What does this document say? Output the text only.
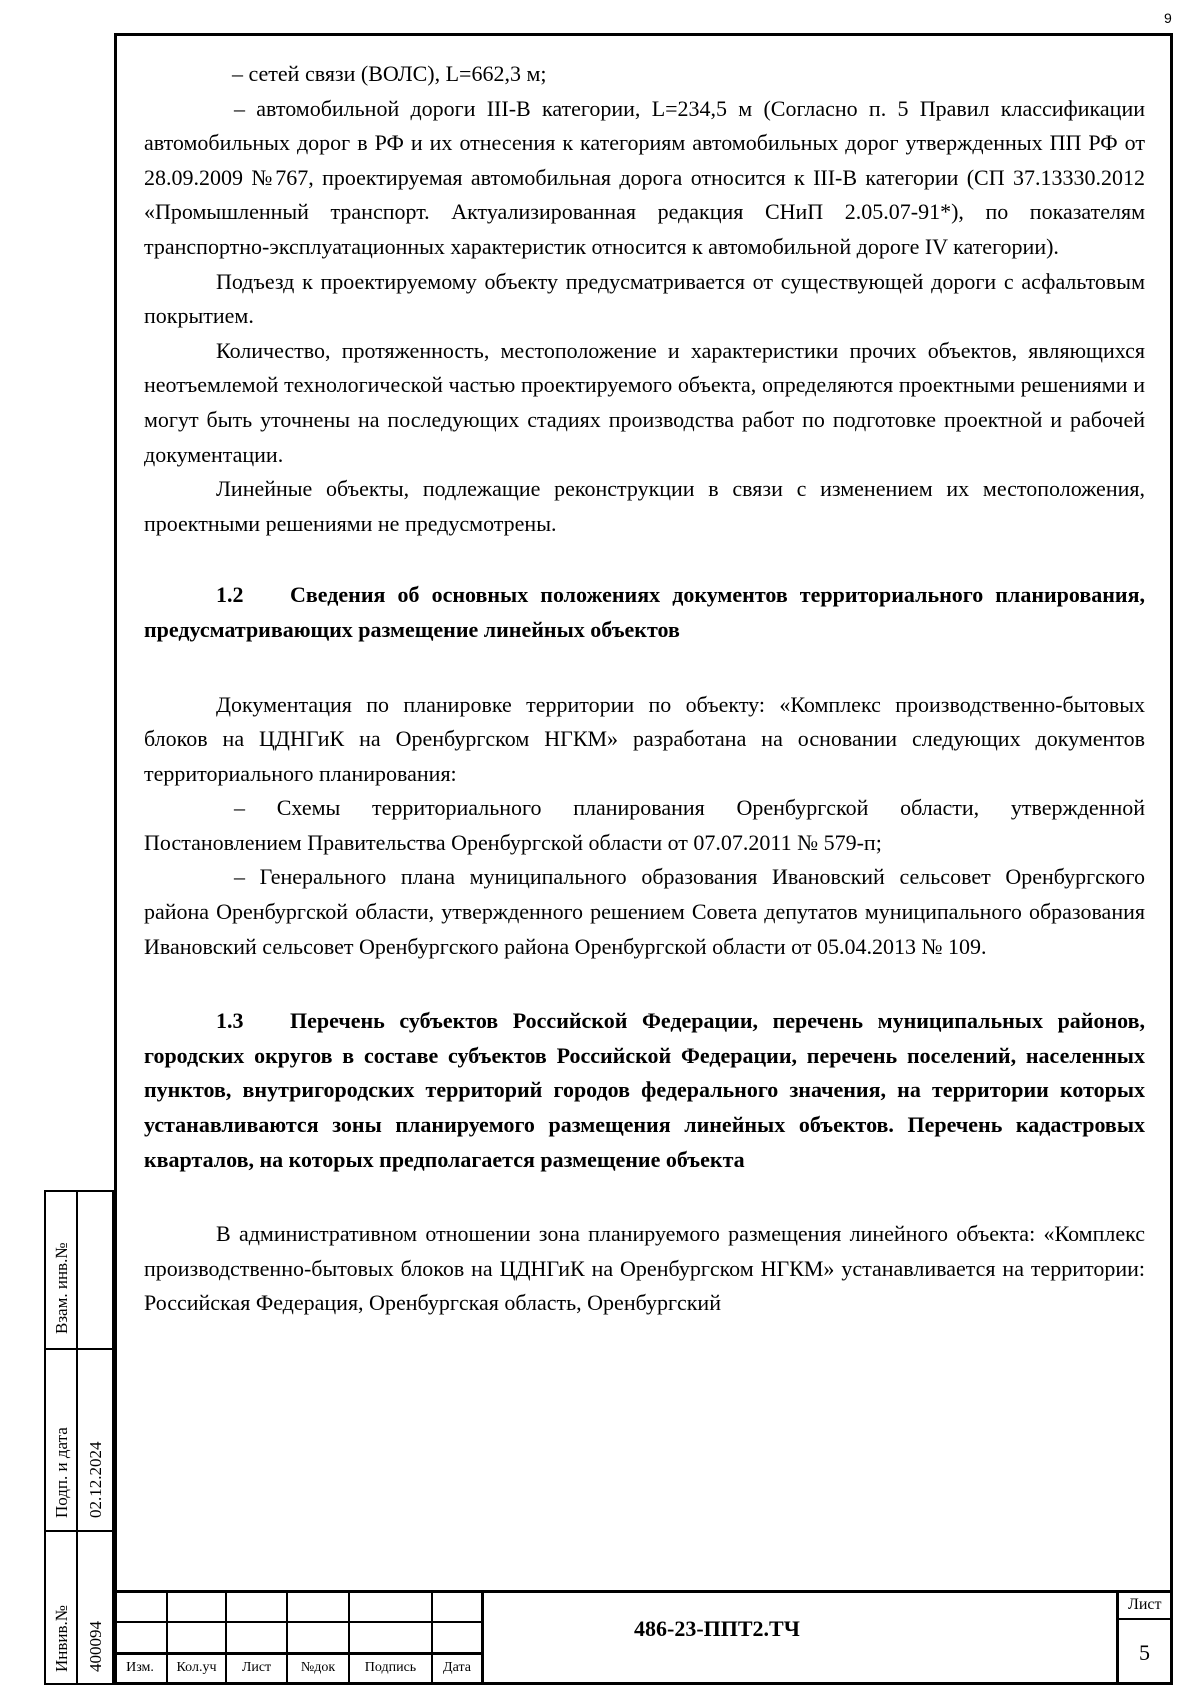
9

– сетей связи (ВОЛС), L=662,3 м;

– автомобильной дороги III-В категории, L=234,5 м (Согласно п. 5 Правил классификации автомобильных дорог в РФ и их отнесения к категориям автомобильных дорог утвержденных ПП РФ от 28.09.2009 №767, проектируемая автомобильная дорога относится к III-В категории (СП 37.13330.2012 «Промышленный транспорт. Актуализированная редакция СНиП 2.05.07-91*), по показателям транспортно-эксплуатационных характеристик относится к автомобильной дороге IV категории).

Подъезд к проектируемому объекту предусматривается от существующей дороги с асфальтовым покрытием.

Количество, протяженность, местоположение и характеристики прочих объектов, являющихся неотъемлемой технологической частью проектируемого объекта, определяются проектными решениями и могут быть уточнены на последующих стадиях производства работ по подготовке проектной и рабочей документации.

Линейные объекты, подлежащие реконструкции в связи с изменением их местоположения, проектными решениями не предусмотрены.

1.2 Сведения об основных положениях документов территориального планирования, предусматривающих размещение линейных объектов

Документация по планировке территории по объекту: «Комплекс производственно-бытовых блоков на ЦДНГиК на Оренбургском НГКМ» разработана на основании следующих документов территориального планирования:

– Схемы территориального планирования Оренбургской области, утвержденной Постановлением Правительства Оренбургской области от 07.07.2011 № 579-п;

– Генерального плана муниципального образования Ивановский сельсовет Оренбургского района Оренбургской области, утвержденного решением Совета депутатов муниципального образования Ивановский сельсовет Оренбургского района Оренбургской области от 05.04.2013 № 109.

1.3 Перечень субъектов Российской Федерации, перечень муниципальных районов, городских округов в составе субъектов Российской Федерации, перечень поселений, населенных пунктов, внутригородских территорий городов федерального значения, на территории которых устанавливаются зоны планируемого размещения линейных объектов. Перечень кадастровых кварталов, на которых предполагается размещение объекта

В административном отношении зона планируемого размещения линейного объекта: «Комплекс производственно-бытовых блоков на ЦДНГиК на Оренбургском НГКМ» устанавливается на территории: Российская Федерация, Оренбургская область, Оренбургский

Взам. инв.№
Подп. и дата 02.12.2024
Инвив.№ 400094	Изм.	Кол.уч	Лист	№док	Подпись	Дата
486-23-ППТ2.ТЧ
Лист
5
